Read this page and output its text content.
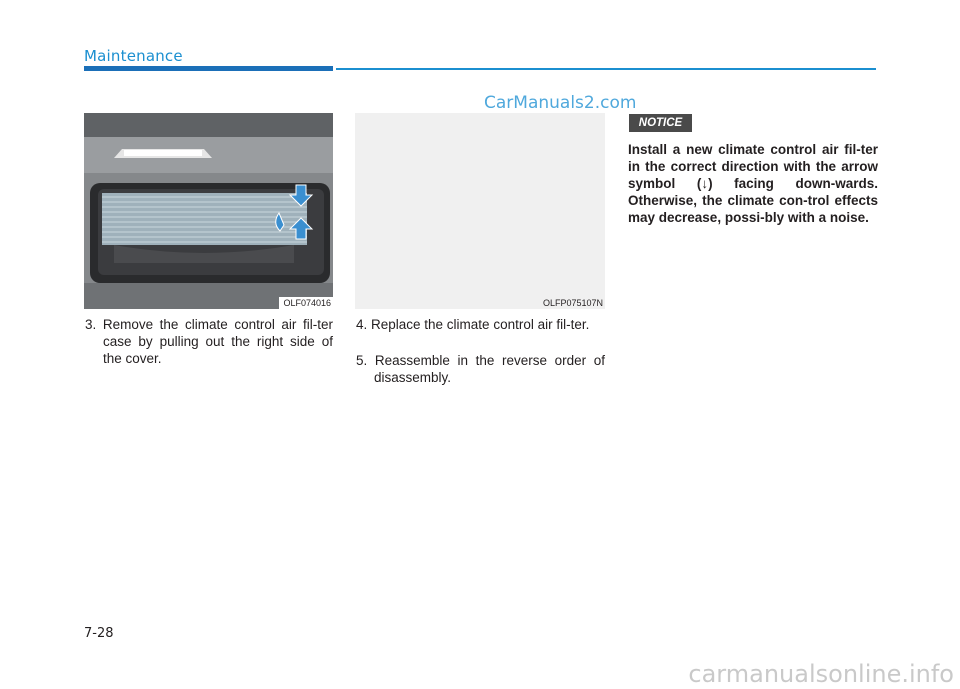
Maintenance
CarManuals2.com
OLF074016	OLFP075107N
3. Remove the climate control air fil-ter case by pulling out the right side of the cover.
4. Replace the climate control air fil-ter.
5. Reassemble in the reverse order of disassembly.
NOTICE
Install a new climate control air fil-ter in the correct direction with the arrow symbol (↓) facing down-wards. Otherwise, the climate con-trol effects may decrease, possi-bly with a noise.
7-28
carmanualsonline.info
